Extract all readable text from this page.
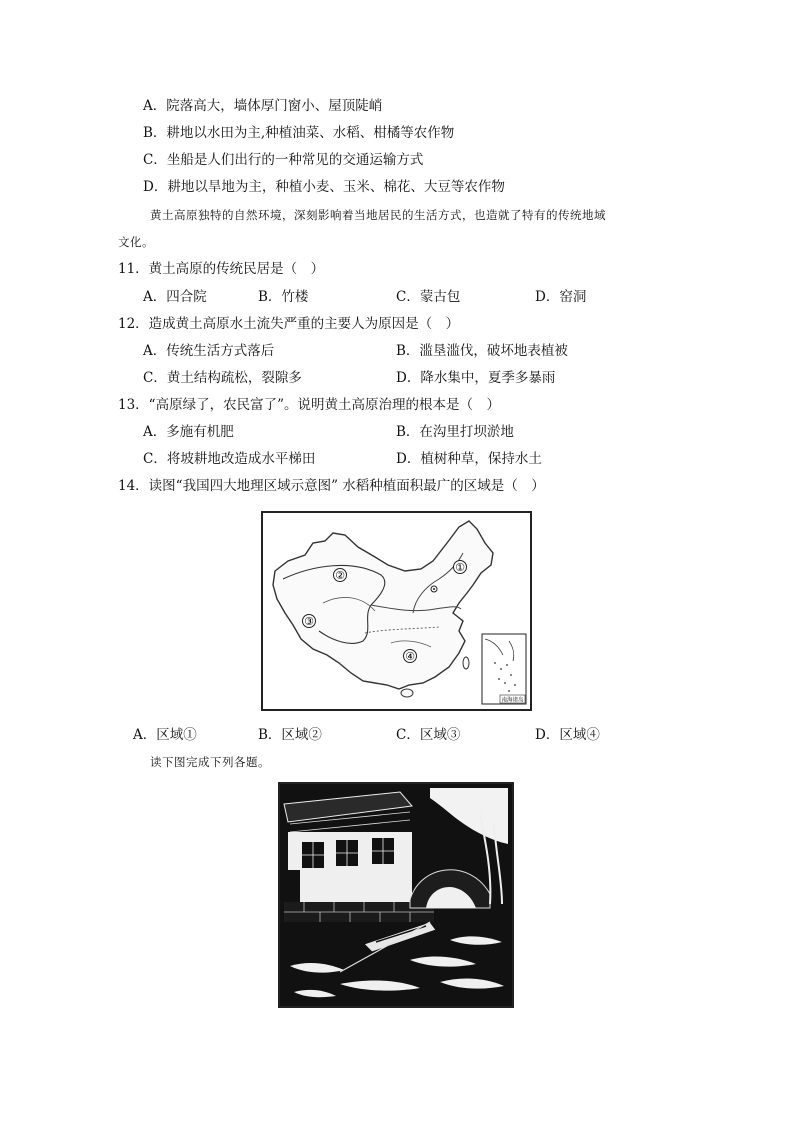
A．院落高大，墙体厚门窗小、屋顶陡峭
B．耕地以水田为主,种植油菜、水稻、柑橘等农作物
C．坐船是人们出行的一种常见的交通运输方式
D．耕地以旱地为主，种植小麦、玉米、棉花、大豆等农作物
黄土高原独特的自然环境，深刻影响着当地居民的生活方式，也造就了特有的传统地域
文化。
11．黄土高原的传统民居是（　）
A．四合院	B．竹楼	C．蒙古包	D．窑洞
12．造成黄土高原水土流失严重的主要人为原因是（　）
A．传统生活方式落后	B．滥垦滥伐，破坏地表植被
C．黄土结构疏松，裂隙多	D．降水集中，夏季多暴雨
13．“高原绿了，农民富了”。说明黄土高原治理的根本是（　）
A．多施有机肥	B．在沟里打坝淤地
C．将坡耕地改造成水平梯田	D．植树种草，保持水土
14．读图“我国四大地理区域示意图” 水稻种植面积最广的区域是（　）
①
②
③
④
南海诸岛
A．区域①	B．区域②	C．区域③	D．区域④
读下图完成下列各题。
